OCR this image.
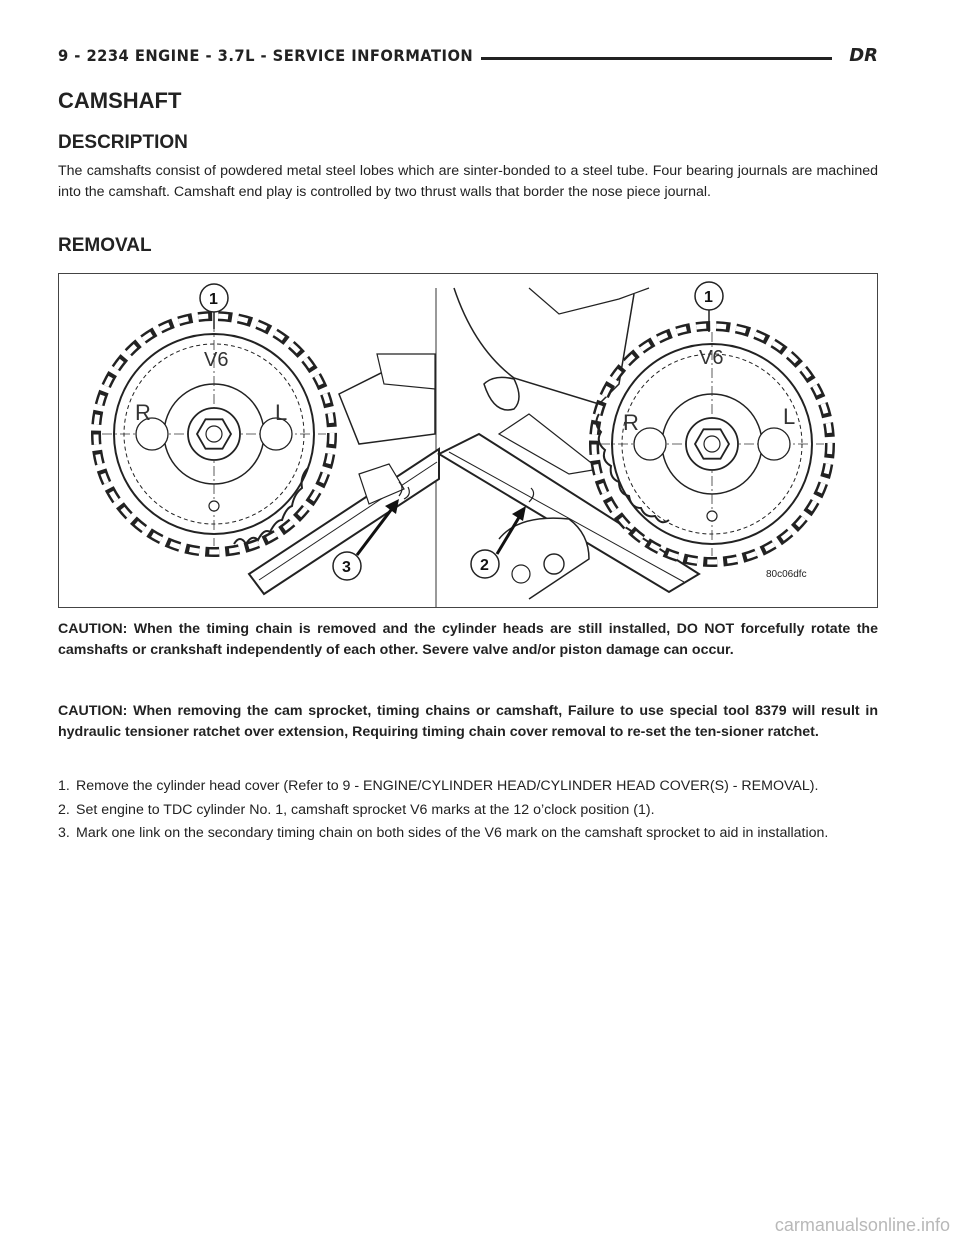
9 - 2234 ENGINE - 3.7L - SERVICE INFORMATION	DR
CAMSHAFT
DESCRIPTION

The camshafts consist of powdered metal steel lobes which are sinter-bonded to a steel tube. Four bearing journals are machined into the camshaft. Camshaft end play is controlled by two thrust walls that border the nose piece journal.

REMOVAL
V6
R	L
1
3
V6
R	L
1
2
80c06dfc

CAUTION: When the timing chain is removed and the cylinder heads are still installed, DO NOT forcefully rotate the camshafts or crankshaft independently of each other. Severe valve and/or piston damage can occur.

CAUTION: When removing the cam sprocket, timing chains or camshaft, Failure to use special tool 8379 will result in hydraulic tensioner ratchet over extension, Requiring timing chain cover removal to re-set the ten-sioner ratchet.

1. Remove the cylinder head cover (Refer to 9 - ENGINE/CYLINDER HEAD/CYLINDER HEAD COVER(S) - REMOVAL).
2. Set engine to TDC cylinder No. 1, camshaft sprocket V6 marks at the 12 o’clock position (1).
3. Mark one link on the secondary timing chain on both sides of the V6 mark on the camshaft sprocket to aid in installation.
carmanualsonline.info
